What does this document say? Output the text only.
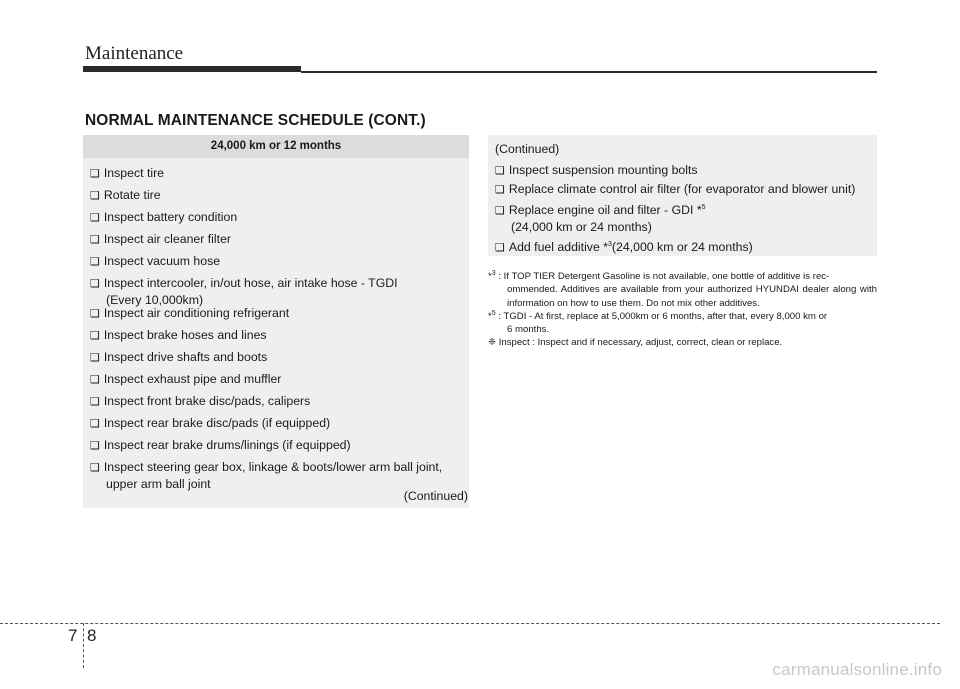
Maintenance
NORMAL MAINTENANCE SCHEDULE (CONT.)
24,000 km or 12 months
❑ Inspect tire
❑ Rotate tire
❑ Inspect battery condition
❑ Inspect air cleaner filter
❑ Inspect vacuum hose
❑ Inspect intercooler, in/out hose, air intake hose - TGDI
(Every 10,000km)
❑ Inspect air conditioning refrigerant
❑ Inspect brake hoses and lines
❑ Inspect drive shafts and boots
❑ Inspect exhaust pipe and muffler
❑ Inspect front brake disc/pads, calipers
❑ Inspect rear brake disc/pads (if equipped)
❑ Inspect rear brake drums/linings (if equipped)
❑ Inspect steering gear box, linkage & boots/lower arm ball joint,
upper arm ball joint
(Continued)
(Continued)
❑ Inspect suspension mounting bolts
❑ Replace climate control air filter (for evaporator and blower unit)
❑ Replace engine oil and filter - GDI *$^5$
(24,000 km or 24 months)
❑ Add fuel additive *$^3$(24,000 km or 24 months)
*$^3$ : If TOP TIER Detergent Gasoline is not available, one bottle of additive is rec-
ommended. Additives are available from your authorized HYUNDAI dealer along with information on how to use them. Do not mix other additives.
*$^5$ : TGDI - At first, replace at 5,000km or 6 months, after that, every 8,000 km or
6 months.
❈ Inspect : Inspect and if necessary, adjust, correct, clean or replace.
7 8
carmanualsonline.info
